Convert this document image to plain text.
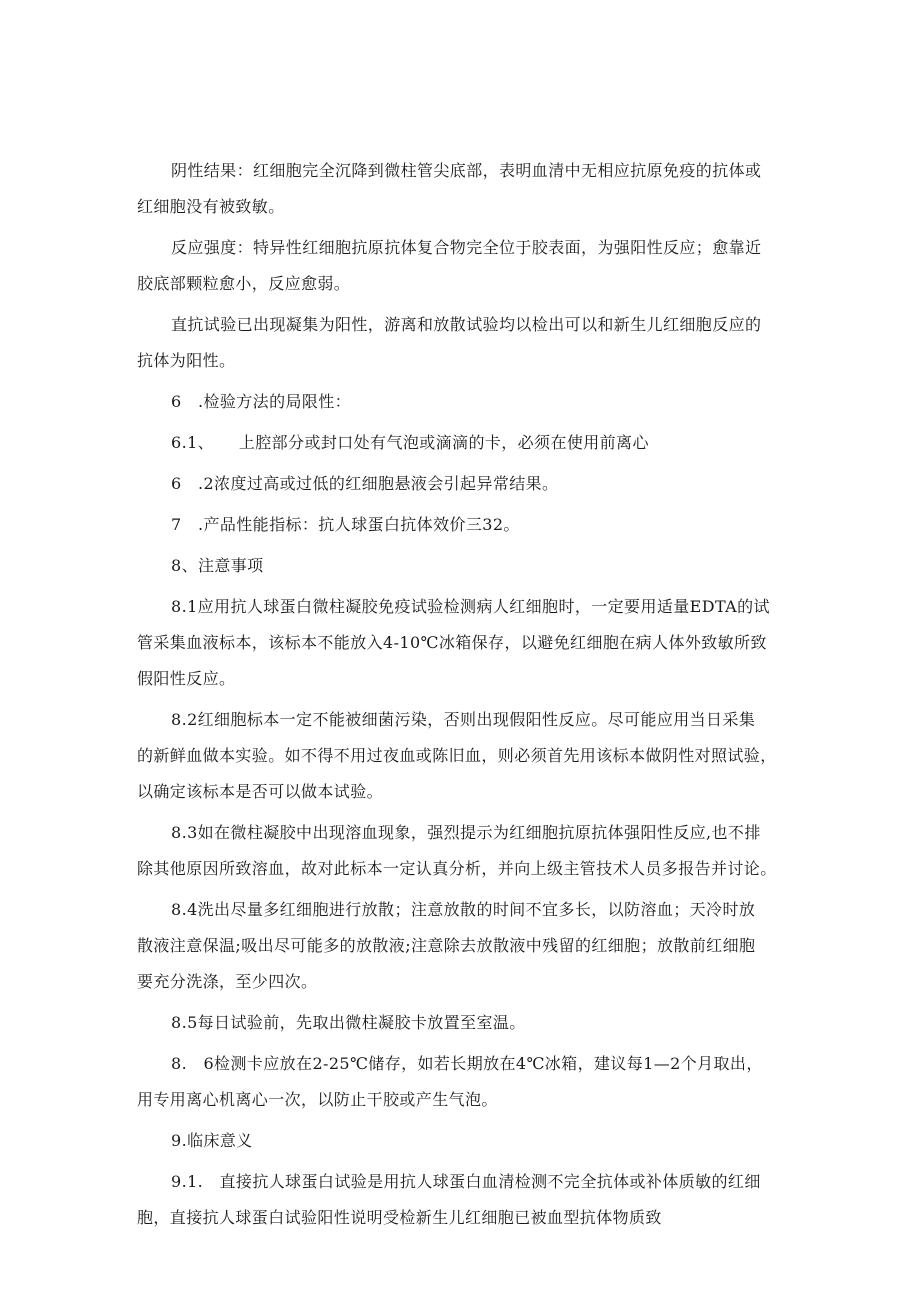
阴性结果：红细胞完全沉降到微柱管尖底部，表明血清中无相应抗原免疫的抗体或
红细胞没有被致敏。
反应强度：特异性红细胞抗原抗体复合物完全位于胶表面，为强阳性反应；愈靠近
胶底部颗粒愈小，反应愈弱。
直抗试验已出现凝集为阳性，游离和放散试验均以检出可以和新生儿红细胞反应的
抗体为阳性。
6　.检验方法的局限性：
6.1、　　上腔部分或封口处有气泡或滴滴的卡，必须在使用前离心
6　.2浓度过高或过低的红细胞悬液会引起异常结果。
7　.产品性能指标：抗人球蛋白抗体效价三32。
8、注意事项
8.1应用抗人球蛋白微柱凝胶免疫试验检测病人红细胞时，一定要用适量EDTA的试
管采集血液标本，该标本不能放入4-10℃冰箱保存，以避免红细胞在病人体外致敏所致
假阳性反应。
8.2红细胞标本一定不能被细菌污染，否则出现假阳性反应。尽可能应用当日采集
的新鲜血做本实验。如不得不用过夜血或陈旧血，则必须首先用该标本做阴性对照试验，
以确定该标本是否可以做本试验。
8.3如在微柱凝胶中出现溶血现象，强烈提示为红细胞抗原抗体强阳性反应,也不排
除其他原因所致溶血，故对此标本一定认真分析，并向上级主管技术人员多报告并讨论。
8.4洗出尽量多红细胞进行放散；注意放散的时间不宜多长，以防溶血；天冷时放
散液注意保温;吸出尽可能多的放散液;注意除去放散液中残留的红细胞；放散前红细胞
要充分洗涤，至少四次。
8.5每日试验前，先取出微柱凝胶卡放置至室温。
8.　6检测卡应放在2-25℃储存，如若长期放在4℃冰箱，建议每1—2个月取出，
用专用离心机离心一次，以防止干胶或产生气泡。
9.临床意义
9.1.　直接抗人球蛋白试验是用抗人球蛋白血清检测不完全抗体或补体质敏的红细
胞，直接抗人球蛋白试验阳性说明受检新生儿红细胞已被血型抗体物质致
